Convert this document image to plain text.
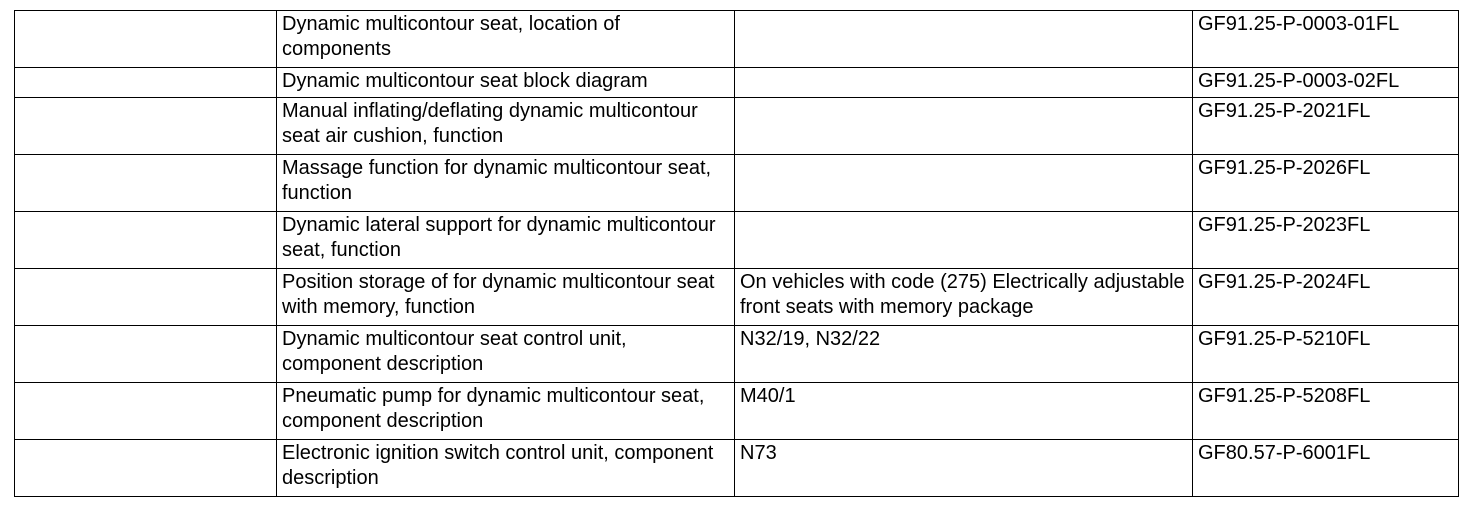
	Dynamic multicontour seat, location of components		GF91.25-P-0003-01FL
	Dynamic multicontour seat block diagram		GF91.25-P-0003-02FL
	Manual inflating/deflating dynamic multicontour seat air cushion, function		GF91.25-P-2021FL
	Massage function for dynamic multicontour seat, function		GF91.25-P-2026FL
	Dynamic lateral support for dynamic multicontour seat, function		GF91.25-P-2023FL
	Position storage of for dynamic multicontour seat with memory, function	On vehicles with code (275) Electrically adjustable front seats with memory package	GF91.25-P-2024FL
	Dynamic multicontour seat control unit, component description	N32/19, N32/22	GF91.25-P-5210FL
	Pneumatic pump for dynamic multicontour seat, component description	M40/1	GF91.25-P-5208FL
	Electronic ignition switch control unit, component description	N73	GF80.57-P-6001FL
